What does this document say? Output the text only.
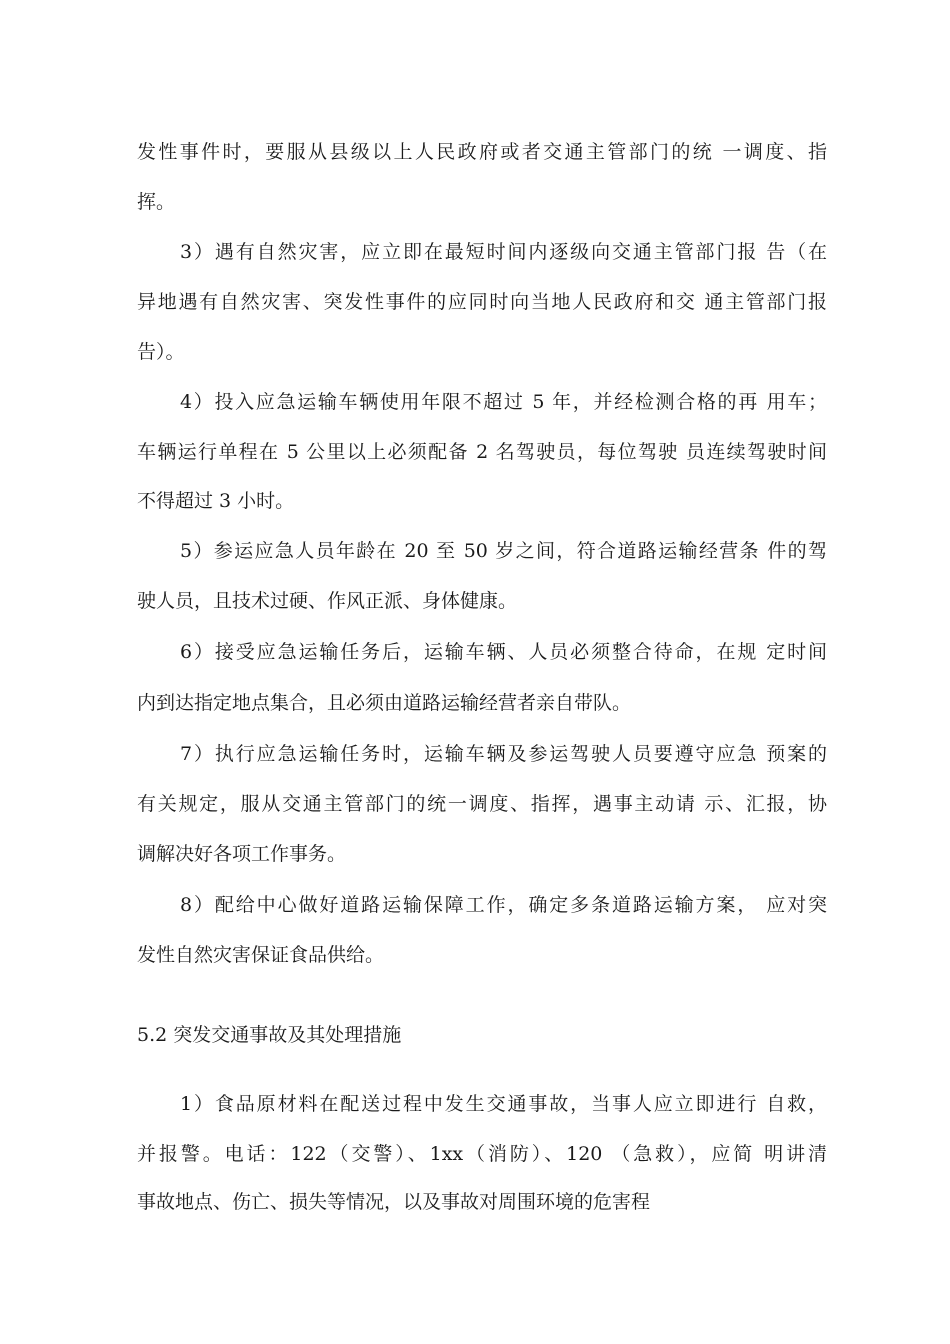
发性事件时，要服从县级以上人民政府或者交通主管部门的统 一调度、指
挥。
3）遇有自然灾害，应立即在最短时间内逐级向交通主管部门报 告（在
异地遇有自然灾害、突发性事件的应同时向当地人民政府和交 通主管部门报
告）。
4）投入应急运输车辆使用年限不超过 5 年，并经检测合格的再 用车；
车辆运行单程在 5 公里以上必须配备 2 名驾驶员，每位驾驶 员连续驾驶时间
不得超过 3 小时。
5）参运应急人员年龄在 20 至 50 岁之间，符合道路运输经营条 件的驾
驶人员，且技术过硬、作风正派、身体健康。
6）接受应急运输任务后，运输车辆、人员必须整合待命，在规 定时间
内到达指定地点集合，且必须由道路运输经营者亲自带队。
7）执行应急运输任务时，运输车辆及参运驾驶人员要遵守应急 预案的
有关规定，服从交通主管部门的统一调度、指挥，遇事主动请 示、汇报，协
调解决好各项工作事务。
8）配给中心做好道路运输保障工作，确定多条道路运输方案， 应对突
发性自然灾害保证食品供给。
5.2 突发交通事故及其处理措施
1）食品原材料在配送过程中发生交通事故，当事人应立即进行 自救，
并报警。电话：122（交警）、1xx（消防）、120 （急救），应简 明讲清
事故地点、伤亡、损失等情况，以及事故对周围环境的危害程
